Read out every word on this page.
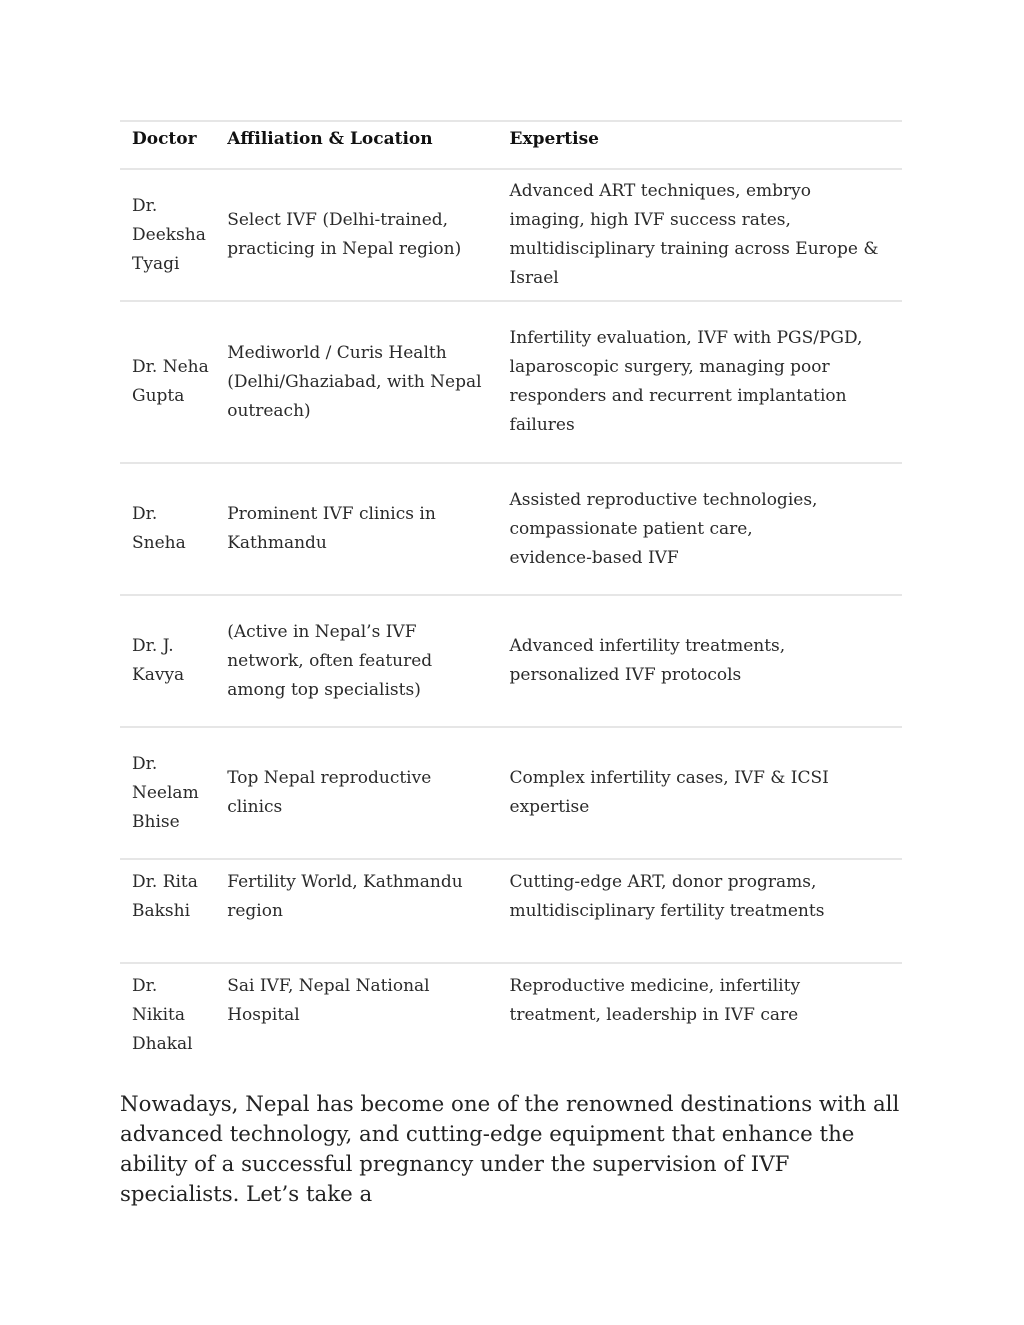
Doctor	Affiliation & Location	Expertise
Dr. Deeksha Tyagi	Select IVF (Delhi-trained, practicing in Nepal region)	Advanced ART techniques, embryo imaging, high IVF success rates, multidisciplinary training across Europe & Israel
Dr. Neha Gupta	Mediworld / Curis Health (Delhi/Ghaziabad, with Nepal outreach)	Infertility evaluation, IVF with PGS/PGD, laparoscopic surgery, managing poor responders and recurrent implantation failures
Dr. Sneha	Prominent IVF clinics in Kathmandu	Assisted reproductive technologies, compassionate patient care, evidence‑based IVF
Dr. J. Kavya	(Active in Nepal’s IVF network, often featured among top specialists)	Advanced infertility treatments, personalized IVF protocols
Dr. Neelam Bhise	Top Nepal reproductive clinics	Complex infertility cases, IVF & ICSI expertise
Dr. Rita Bakshi	Fertility World, Kathmandu region	Cutting‑edge ART, donor programs, multidisciplinary fertility treatments
Dr. Nikita Dhakal	Sai IVF, Nepal National Hospital	Reproductive medicine, infertility treatment, leadership in IVF care

Nowadays, Nepal has become one of the renowned destinations with all advanced technology, and cutting-edge equipment that enhance the ability of a successful pregnancy under the supervision of IVF specialists. Let’s take a
